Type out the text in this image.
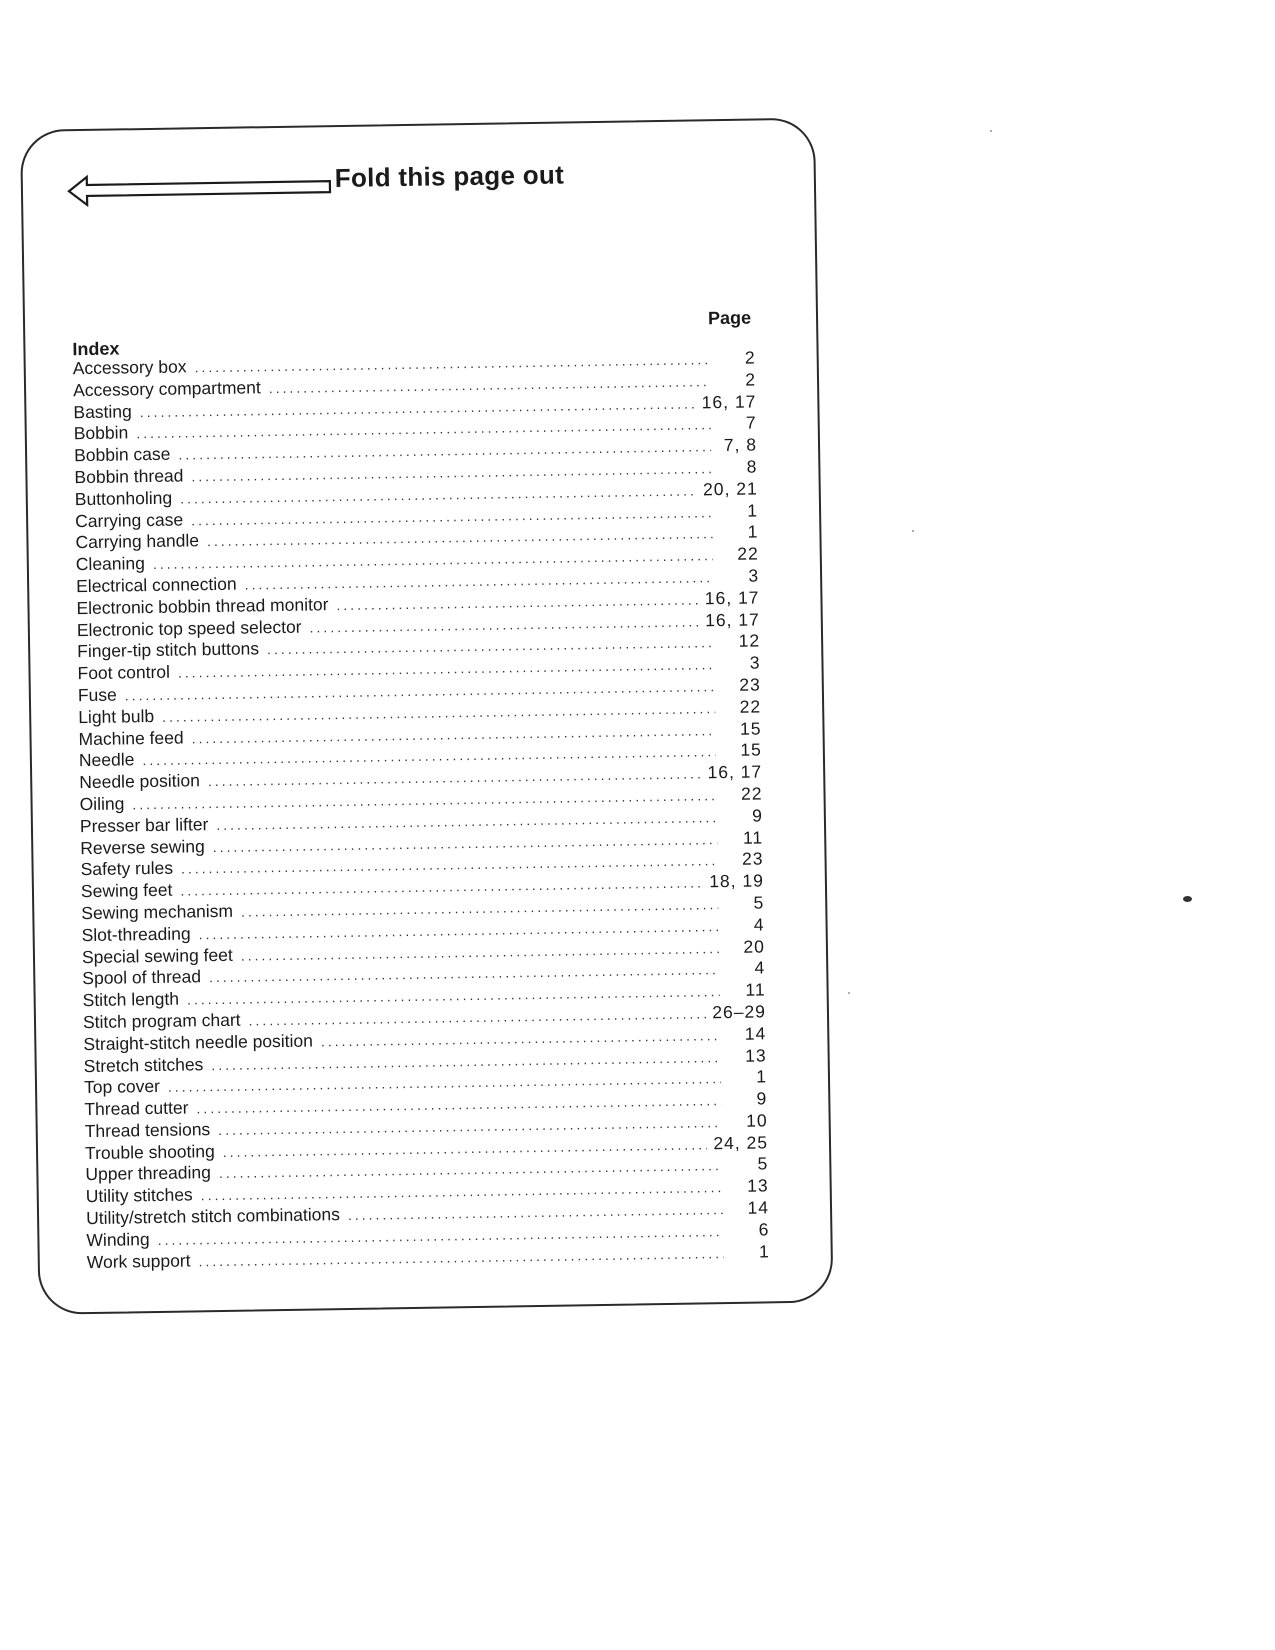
Fold this page out
Page
Index
Accessory box .....	2
Accessory compartment .....	2
Basting .....	16, 17
Bobbin .....	7
Bobbin case .....	7, 8
Bobbin thread .....	8
Buttonholing .....	20, 21
Carrying case .....	1
Carrying handle .....	1
Cleaning .....	22
Electrical connection .....	3
Electronic bobbin thread monitor .....	16, 17
Electronic top speed selector .....	16, 17
Finger-tip stitch buttons .....	12
Foot control .....	3
Fuse .....	23
Light bulb .....	22
Machine feed .....	15
Needle .....	15
Needle position .....	16, 17
Oiling .....	22
Presser bar lifter .....	9
Reverse sewing .....	11
Safety rules .....	23
Sewing feet .....	18, 19
Sewing mechanism .....	5
Slot-threading .....	4
Special sewing feet .....	20
Spool of thread .....	4
Stitch length .....	11
Stitch program chart .....	26–29
Straight-stitch needle position .....	14
Stretch stitches .....	13
Top cover .....	1
Thread cutter .....	9
Thread tensions .....	10
Trouble shooting .....	24, 25
Upper threading .....	5
Utility stitches .....	13
Utility/stretch stitch combinations .....	14
Winding .....	6
Work support .....	1
